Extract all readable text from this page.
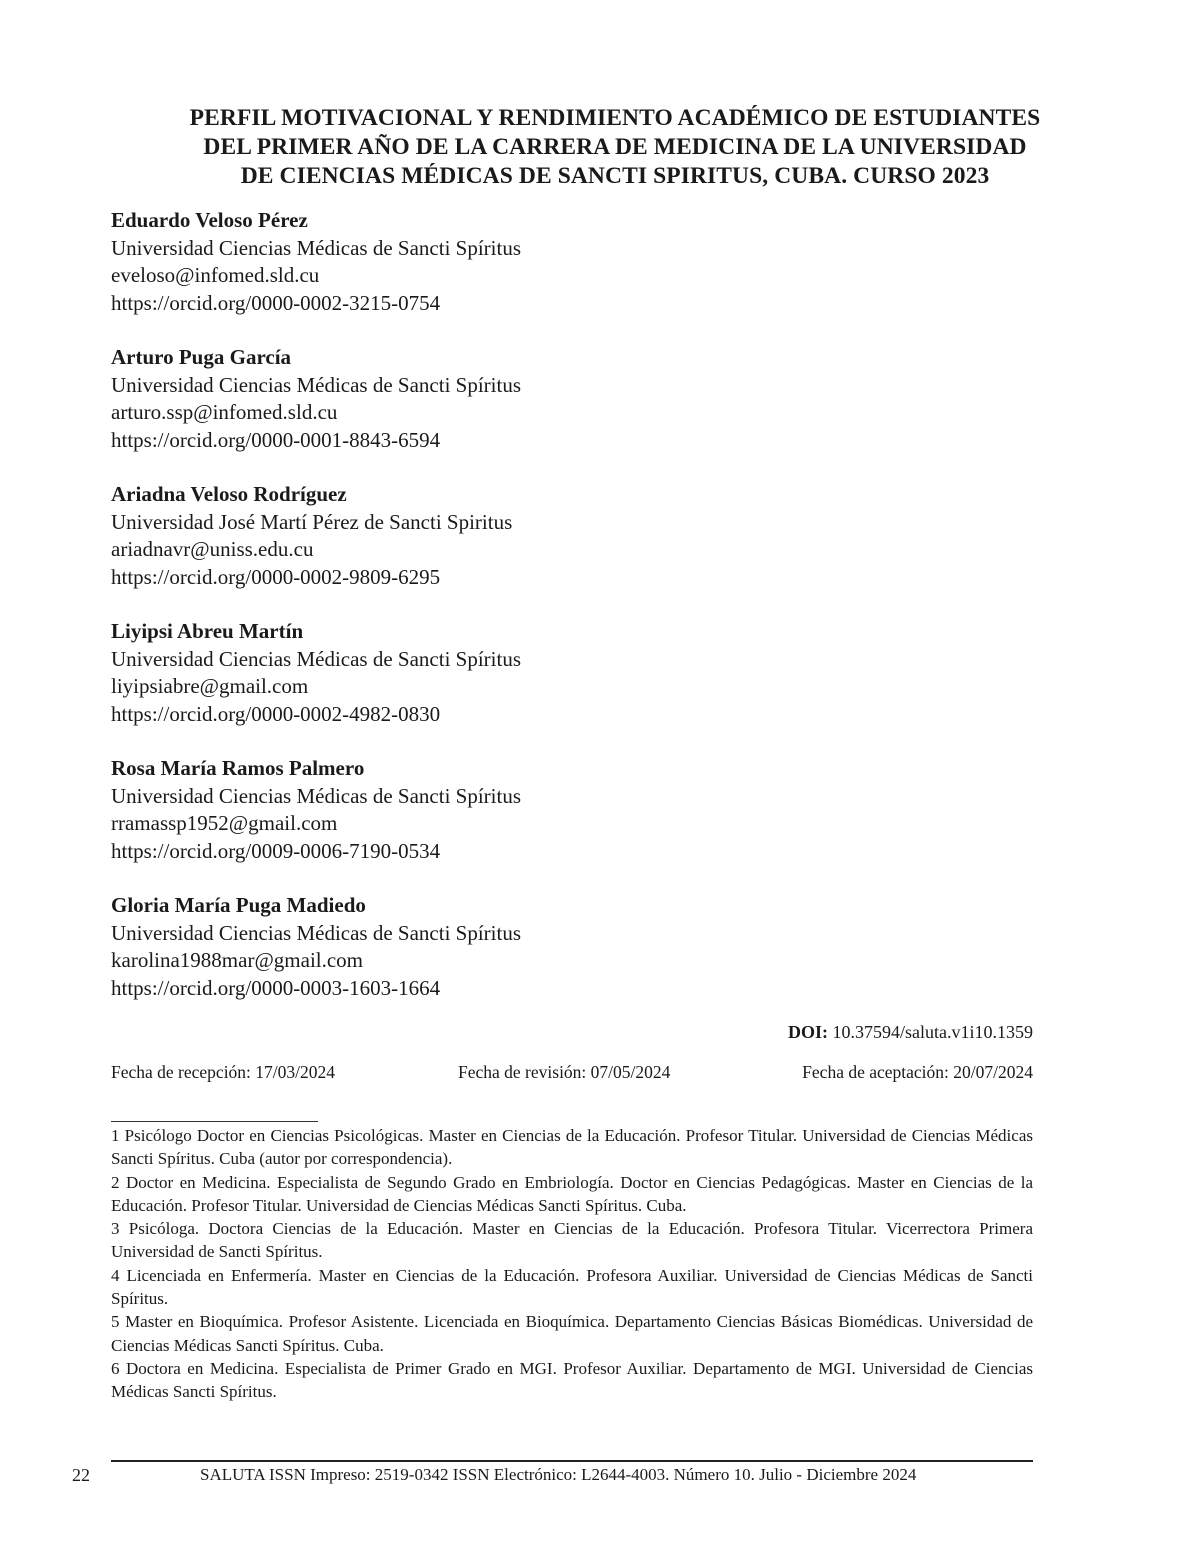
PERFIL MOTIVACIONAL Y RENDIMIENTO ACADÉMICO DE ESTUDIANTES
DEL PRIMER AÑO DE LA CARRERA DE MEDICINA DE LA UNIVERSIDAD
DE CIENCIAS MÉDICAS DE SANCTI SPIRITUS, CUBA. CURSO 2023
Eduardo Veloso Pérez
Universidad Ciencias Médicas de Sancti Spíritus
eveloso@infomed.sld.cu
https://orcid.org/0000-0002-3215-0754
Arturo Puga García
Universidad Ciencias Médicas de Sancti Spíritus
arturo.ssp@infomed.sld.cu
https://orcid.org/0000-0001-8843-6594
Ariadna Veloso Rodríguez
Universidad José Martí Pérez de Sancti Spiritus
ariadnavr@uniss.edu.cu
https://orcid.org/0000-0002-9809-6295
Liyipsi Abreu Martín
Universidad Ciencias Médicas de Sancti Spíritus
liyipsiabre@gmail.com
https://orcid.org/0000-0002-4982-0830
Rosa María Ramos Palmero
Universidad Ciencias Médicas de Sancti Spíritus
rramassp1952@gmail.com
https://orcid.org/0009-0006-7190-0534
Gloria María Puga Madiedo
Universidad Ciencias Médicas de Sancti Spíritus
karolina1988mar@gmail.com
https://orcid.org/0000-0003-1603-1664
DOI: 10.37594/saluta.v1i10.1359
Fecha de recepción: 17/03/2024	Fecha de revisión: 07/05/2024	Fecha de aceptación: 20/07/2024

1 Psicólogo Doctor en Ciencias Psicológicas. Master en Ciencias de la Educación. Profesor Titular. Universidad de Ciencias Médicas Sancti Spíritus. Cuba (autor por correspondencia).

2 Doctor en Medicina. Especialista de Segundo Grado en Embriología. Doctor en Ciencias Pedagógicas. Master en Ciencias de la Educación. Profesor Titular. Universidad de Ciencias Médicas Sancti Spíritus. Cuba.

3 Psicóloga. Doctora Ciencias de la Educación. Master en Ciencias de la Educación. Profesora Titular. Vicerrectora Primera Universidad de Sancti Spíritus.

4 Licenciada en Enfermería. Master en Ciencias de la Educación. Profesora Auxiliar. Universidad de Ciencias Médicas de Sancti Spíritus.

5 Master en Bioquímica. Profesor Asistente. Licenciada en Bioquímica. Departamento Ciencias Básicas Biomédicas. Universidad de Ciencias Médicas Sancti Spíritus. Cuba.

6 Doctora en Medicina. Especialista de Primer Grado en MGI. Profesor Auxiliar. Departamento de MGI. Universidad de Ciencias Médicas Sancti Spíritus.

22	SALUTA ISSN Impreso: 2519-0342 ISSN Electrónico: L2644-4003. Número 10. Julio - Diciembre 2024
